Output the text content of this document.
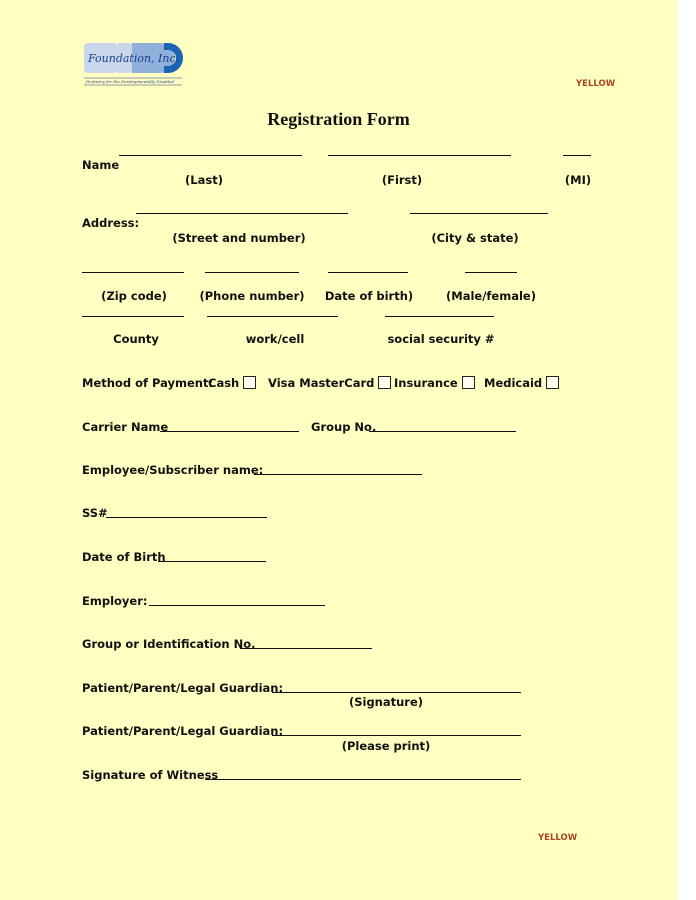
Foundation, Inc.
Dentistry for the Developmentally Disabled	YELLOW
Registration Form
Name
(Last)	(First)	(MI)
Address:
(Street and number)	(City & state)
(Zip code)	(Phone number) Date of birth)	(Male/female)
County	work/cell	social security #
Method of Payment:
Cash	Visa MasterCard	Insurance	Medicaid
Carrier Name	Group No.
Employee/Subscriber name:
SS#
Date of Birth
Employer:
Group or Identification No.
Patient/Parent/Legal Guardian:
(Signature)
Patient/Parent/Legal Guardian:
(Please print)
Signature of Witness
YELLOW
